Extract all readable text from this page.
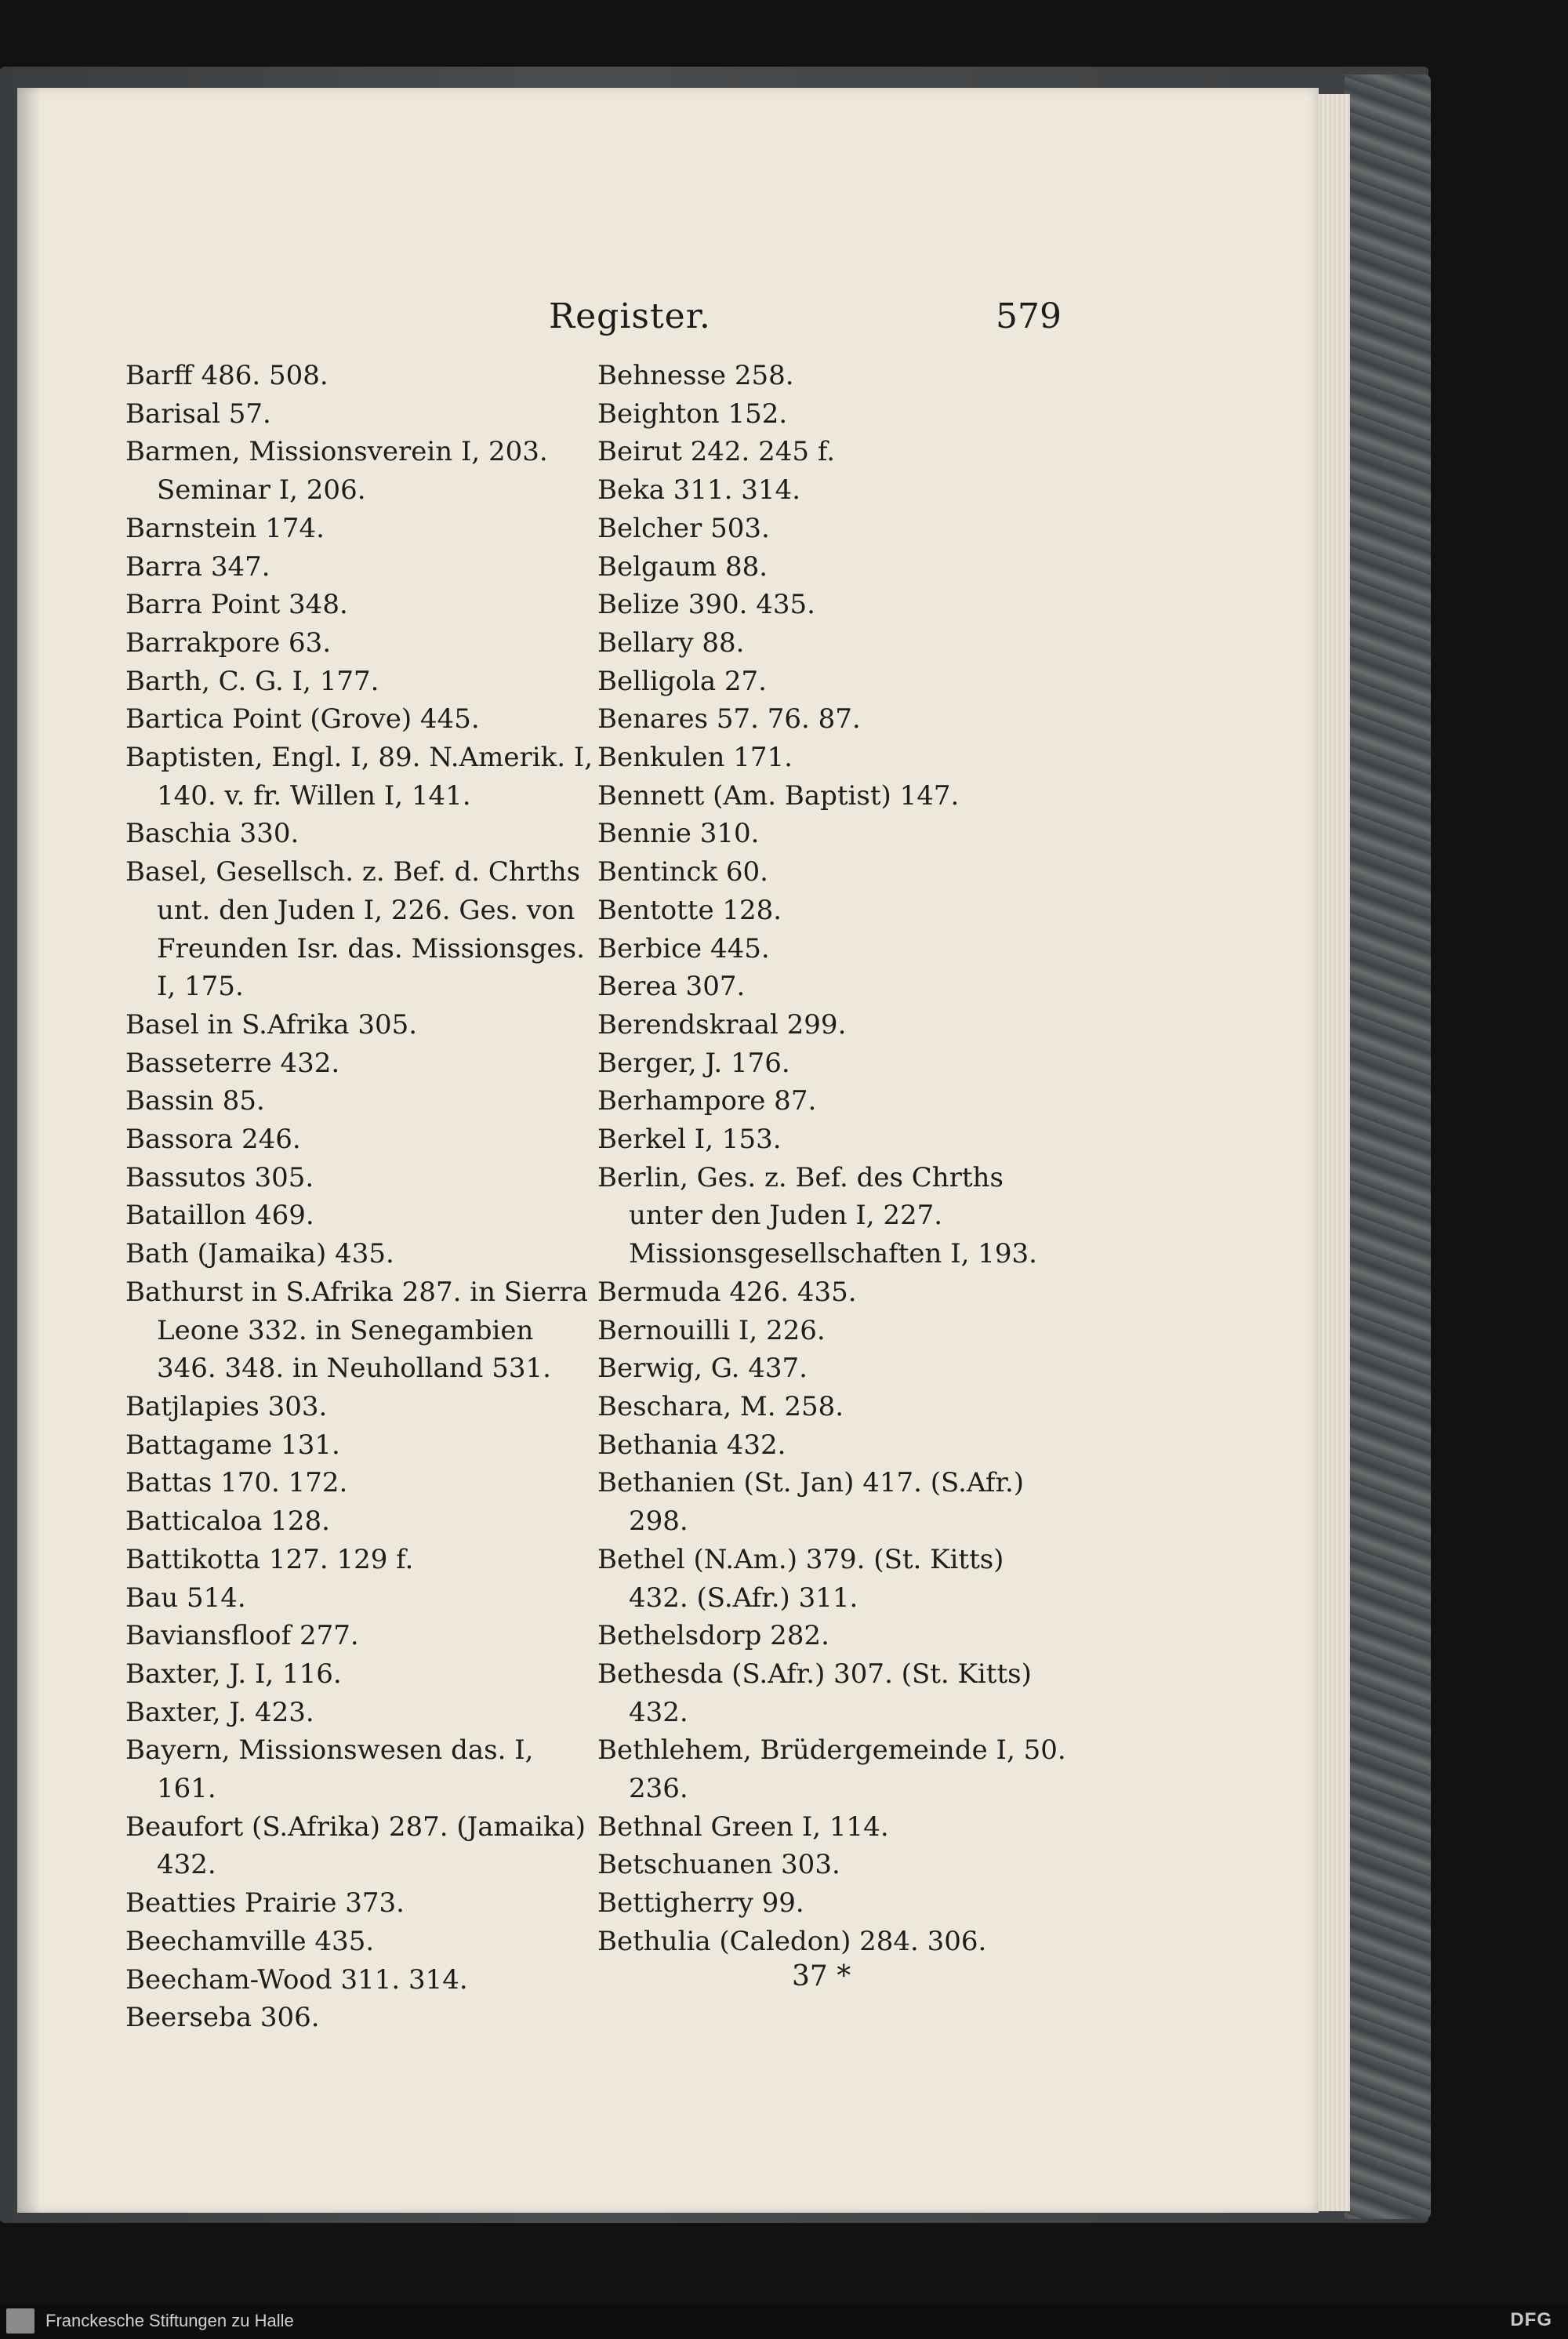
Register.	579

Barff 486. 508.

Barisal 57.

Barmen, Missionsverein I, 203. Seminar I, 206.

Barnstein 174.

Barra 347.

Barra Point 348.

Barrakpore 63.

Barth, C. G. I, 177.

Bartica Point (Grove) 445.

Baptisten, Engl. I, 89. N.Amerik. I, 140. v. fr. Willen I, 141.

Baschia 330.

Basel, Gesellsch. z. Bef. d. Chrths unt. den Juden I, 226. Ges. von Freunden Isr. das. Missionsges. I, 175.

Basel in S.Afrika 305.

Basseterre 432.

Bassin 85.

Bassora 246.

Bassutos 305.

Bataillon 469.

Bath (Jamaika) 435.

Bathurst in S.Afrika 287. in Sierra Leone 332. in Senegambien 346. 348. in Neuholland 531.

Batjlapies 303.

Battagame 131.

Battas 170. 172.

Batticaloa 128.

Battikotta 127. 129 f.

Bau 514.

Baviansfloof 277.

Baxter, J. I, 116.

Baxter, J. 423.

Bayern, Missionswesen das. I, 161.

Beaufort (S.Afrika) 287. (Jamaika) 432.

Beatties Prairie 373.

Beechamville 435.

Beecham-Wood 311. 314.

Beerseba 306.

Behnesse 258.

Beighton 152.

Beirut 242. 245 f.

Beka 311. 314.

Belcher 503.

Belgaum 88.

Belize 390. 435.

Bellary 88.

Belligola 27.

Benares 57. 76. 87.

Benkulen 171.

Bennett (Am. Baptist) 147.

Bennie 310.

Bentinck 60.

Bentotte 128.

Berbice 445.

Berea 307.

Berendskraal 299.

Berger, J. 176.

Berhampore 87.

Berkel I, 153.

Berlin, Ges. z. Bef. des Chrths unter den Juden I, 227. Missionsgesellschaften I, 193.

Bermuda 426. 435.

Bernouilli I, 226.

Berwig, G. 437.

Beschara, M. 258.

Bethania 432.

Bethanien (St. Jan) 417. (S.Afr.) 298.

Bethel (N.Am.) 379. (St. Kitts) 432. (S.Afr.) 311.

Bethelsdorp 282.

Bethesda (S.Afr.) 307. (St. Kitts) 432.

Bethlehem, Brüdergemeinde I, 50. 236.

Bethnal Green I, 114.

Betschuanen 303.

Bettigherry 99.

Bethulia (Caledon) 284. 306.

37 *
Franckesche Stiftungen zu Halle	DFG
